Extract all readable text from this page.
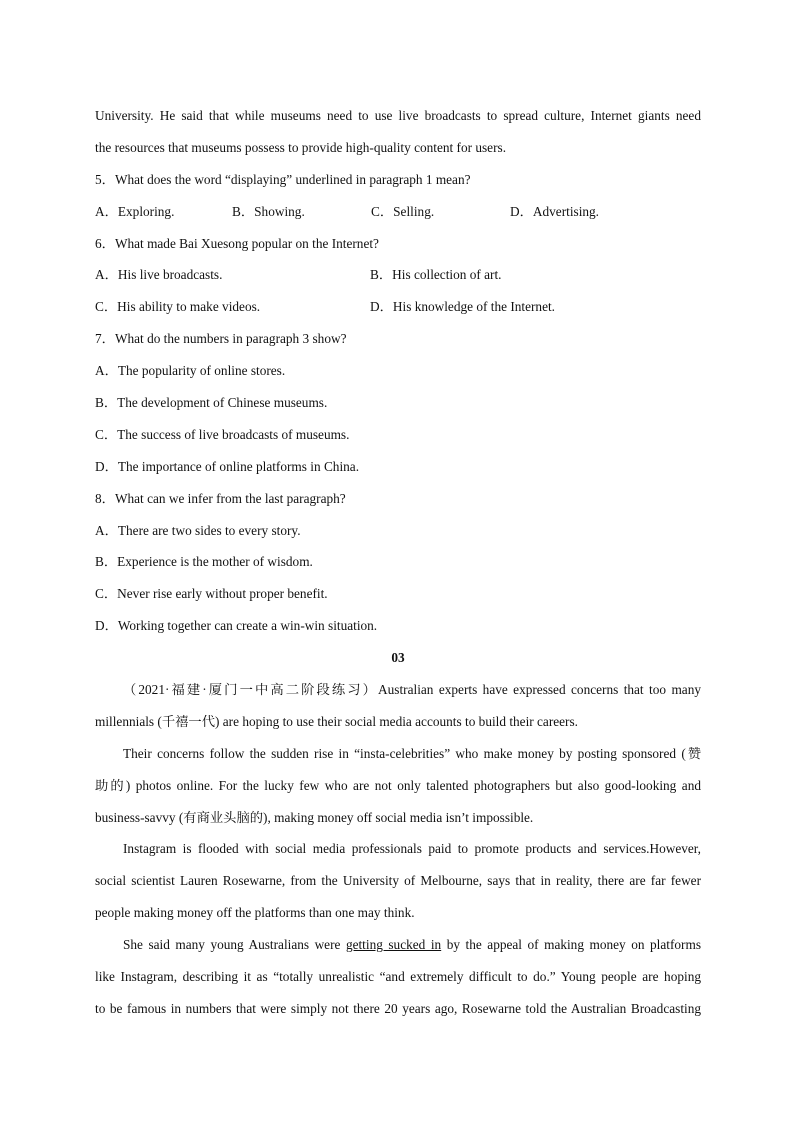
University. He said that while museums need to use live broadcasts to spread culture, Internet giants need
the resources that museums possess to provide high-quality content for users.
5．What does the word “displaying” underlined in paragraph 1 mean?
A．Exploring.	B．Showing.	C．Selling.	D．Advertising.
6．What made Bai Xuesong popular on the Internet?
A．His live broadcasts.	B．His collection of art.
C．His ability to make videos.	D．His knowledge of the Internet.
7．What do the numbers in paragraph 3 show?
A．The popularity of online stores.
B．The development of Chinese museums.
C．The success of live broadcasts of museums.
D．The importance of online platforms in China.
8．What can we infer from the last paragraph?
A．There are two sides to every story.
B．Experience is the mother of wisdom.
C．Never rise early without proper benefit.
D．Working together can create a win-win situation.
03
（2021·福建·厦门一中高二阶段练习）Australian experts have expressed concerns that too many
millennials (千禧一代) are hoping to use their social media accounts to build their careers.
Their concerns follow the sudden rise in “insta-celebrities” who make money by posting sponsored (赞
助的) photos online. For the lucky few who are not only talented photographers but also good-looking and
business-savvy (有商业头脑的), making money off social media isn’t impossible.
Instagram is flooded with social media professionals paid to promote products and services.However,
social scientist Lauren Rosewarne, from the University of Melbourne, says that in reality, there are far fewer
people making money off the platforms than one may think.
She said many young Australians were getting sucked in by the appeal of making money on platforms
like Instagram, describing it as “totally unrealistic “and extremely difficult to do.” Young people are hoping
to be famous in numbers that were simply not there 20 years ago, Rosewarne told the Australian Broadcasting
